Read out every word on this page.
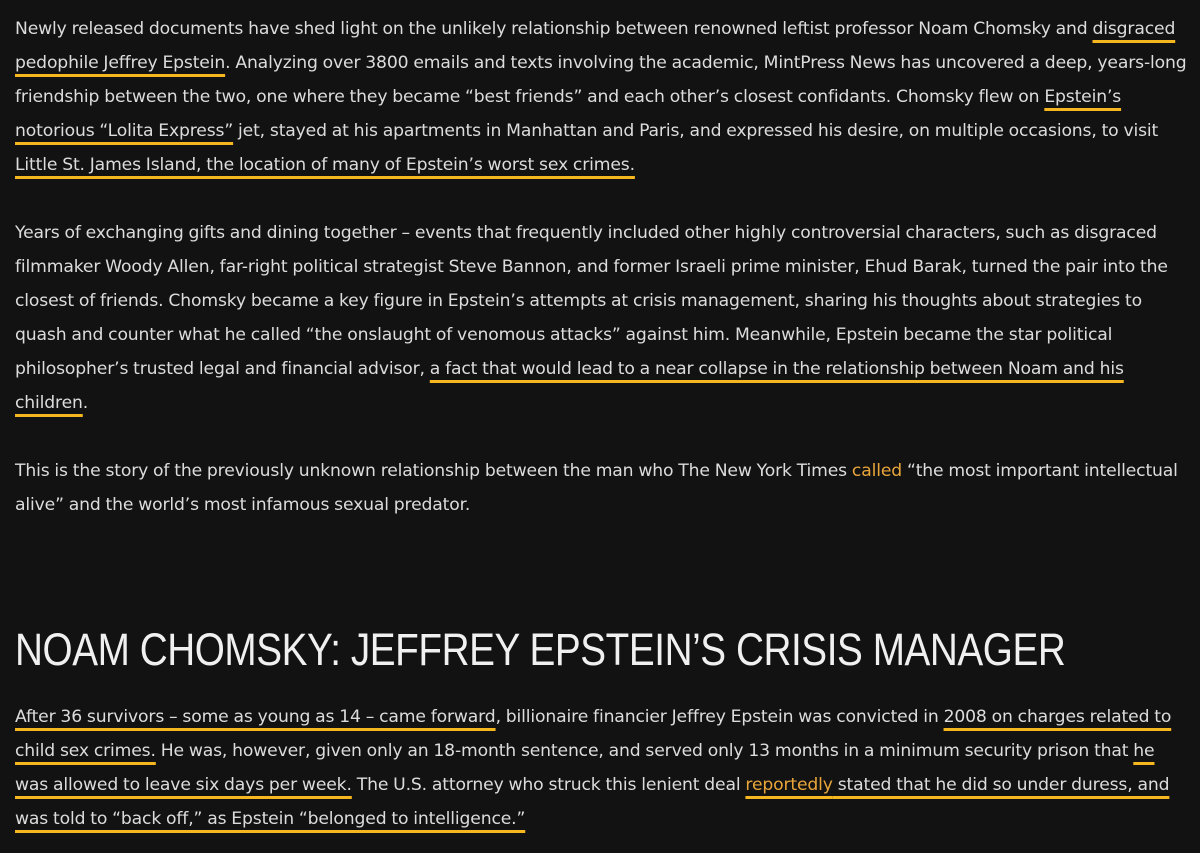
Newly released documents have shed light on the unlikely relationship between renowned leftist professor Noam Chomsky and disgraced pedophile Jeffrey Epstein. Analyzing over 3800 emails and texts involving the academic, MintPress News has uncovered a deep, years-long friendship between the two, one where they became “best friends” and each other’s closest confidants. Chomsky flew on Epstein’s notorious “Lolita Express” jet, stayed at his apartments in Manhattan and Paris, and expressed his desire, on multiple occasions, to visit Little St. James Island, the location of many of Epstein’s worst sex crimes.

Years of exchanging gifts and dining together – events that frequently included other highly controversial characters, such as disgraced filmmaker Woody Allen, far-right political strategist Steve Bannon, and former Israeli prime minister, Ehud Barak, turned the pair into the closest of friends. Chomsky became a key figure in Epstein’s attempts at crisis management, sharing his thoughts about strategies to quash and counter what he called “the onslaught of venomous attacks” against him. Meanwhile, Epstein became the star political philosopher’s trusted legal and financial advisor, a fact that would lead to a near collapse in the relationship between Noam and his children.

This is the story of the previously unknown relationship between the man who The New York Times called “the most important intellectual alive” and the world’s most infamous sexual predator.

NOAM CHOMSKY: JEFFREY EPSTEIN’S CRISIS MANAGER

After 36 survivors – some as young as 14 – came forward, billionaire financier Jeffrey Epstein was convicted in 2008 on charges related to child sex crimes. He was, however, given only an 18-month sentence, and served only 13 months in a minimum security prison that he was allowed to leave six days per week. The U.S. attorney who struck this lenient deal reportedly stated that he did so under duress, and was told to “back off,” as Epstein “belonged to intelligence.”
